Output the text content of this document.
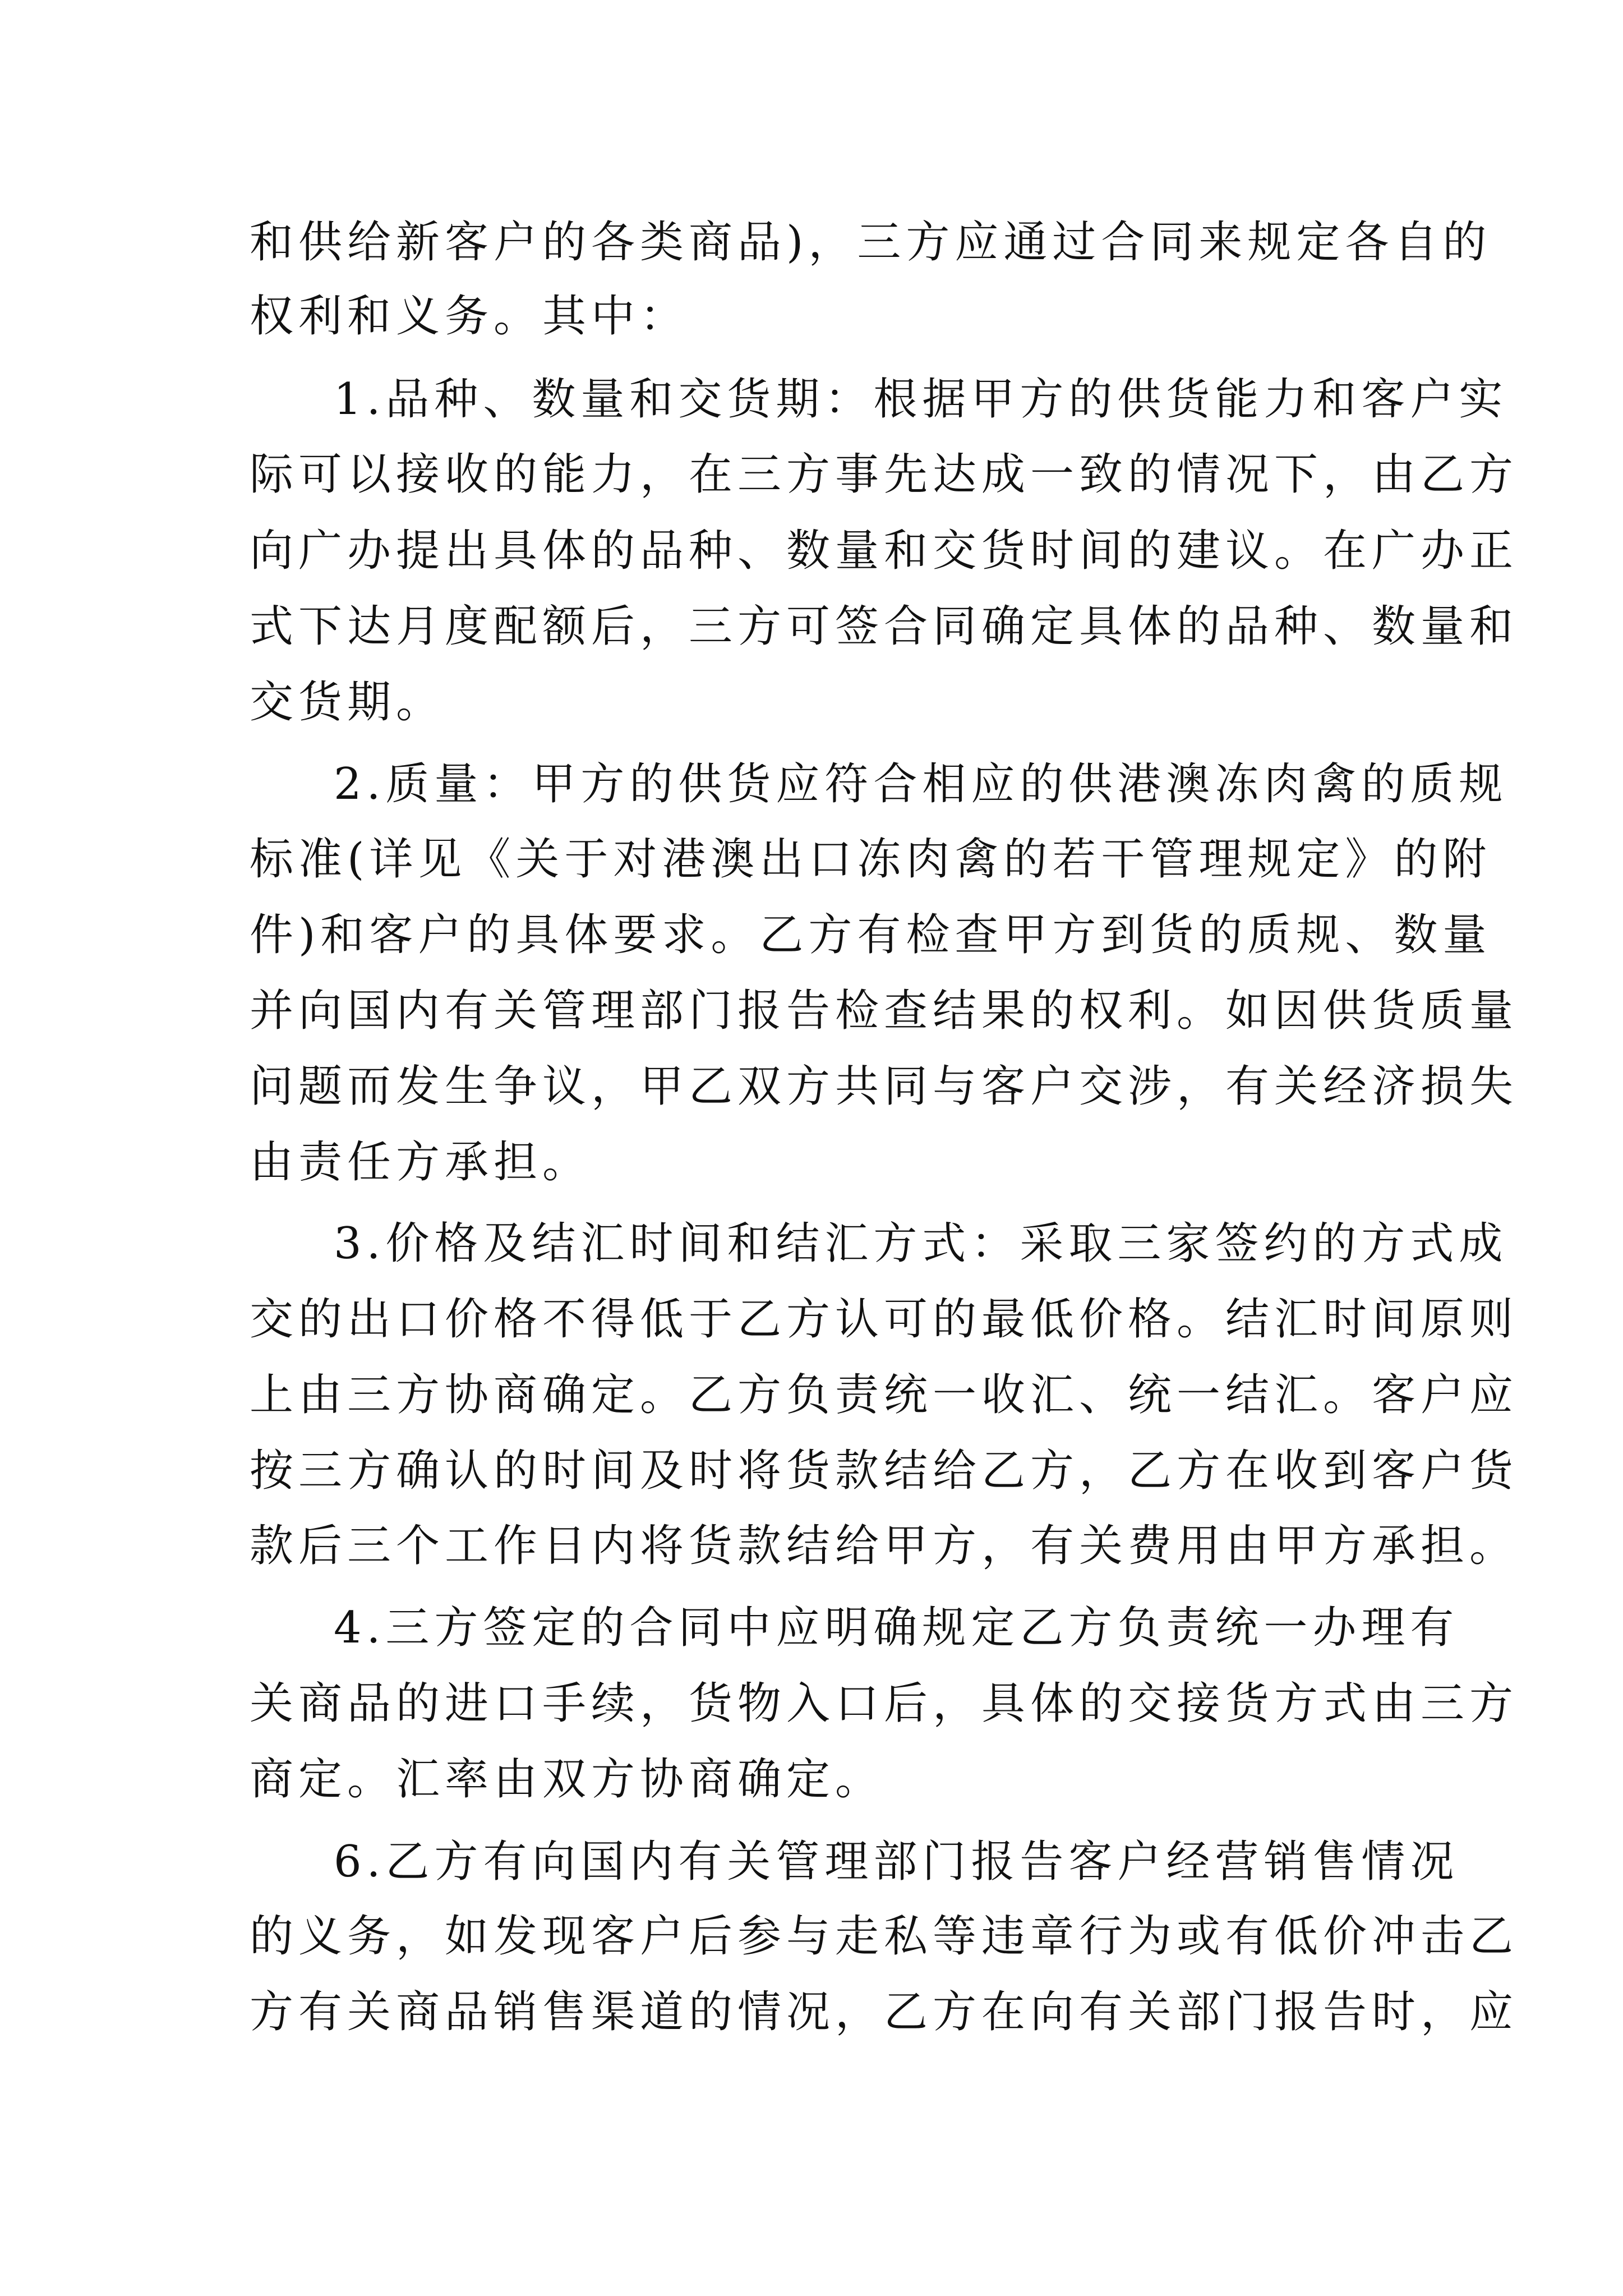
和供给新客户的各类商品)，三方应通过合同来规定各自的
权利和义务。其中：
1.品种、数量和交货期：根据甲方的供货能力和客户实
际可以接收的能力，在三方事先达成一致的情况下，由乙方
向广办提出具体的品种、数量和交货时间的建议。在广办正
式下达月度配额后，三方可签合同确定具体的品种、数量和
交货期。
2.质量：甲方的供货应符合相应的供港澳冻肉禽的质规
标准(详见《关于对港澳出口冻肉禽的若干管理规定》的附
件)和客户的具体要求。乙方有检查甲方到货的质规、数量
并向国内有关管理部门报告检查结果的权利。如因供货质量
问题而发生争议，甲乙双方共同与客户交涉，有关经济损失
由责任方承担。
3.价格及结汇时间和结汇方式：采取三家签约的方式成
交的出口价格不得低于乙方认可的最低价格。结汇时间原则
上由三方协商确定。乙方负责统一收汇、统一结汇。客户应
按三方确认的时间及时将货款结给乙方，乙方在收到客户货
款后三个工作日内将货款结给甲方，有关费用由甲方承担。
4.三方签定的合同中应明确规定乙方负责统一办理有
关商品的进口手续，货物入口后，具体的交接货方式由三方
商定。汇率由双方协商确定。
6.乙方有向国内有关管理部门报告客户经营销售情况
的义务，如发现客户后参与走私等违章行为或有低价冲击乙
方有关商品销售渠道的情况，乙方在向有关部门报告时，应
